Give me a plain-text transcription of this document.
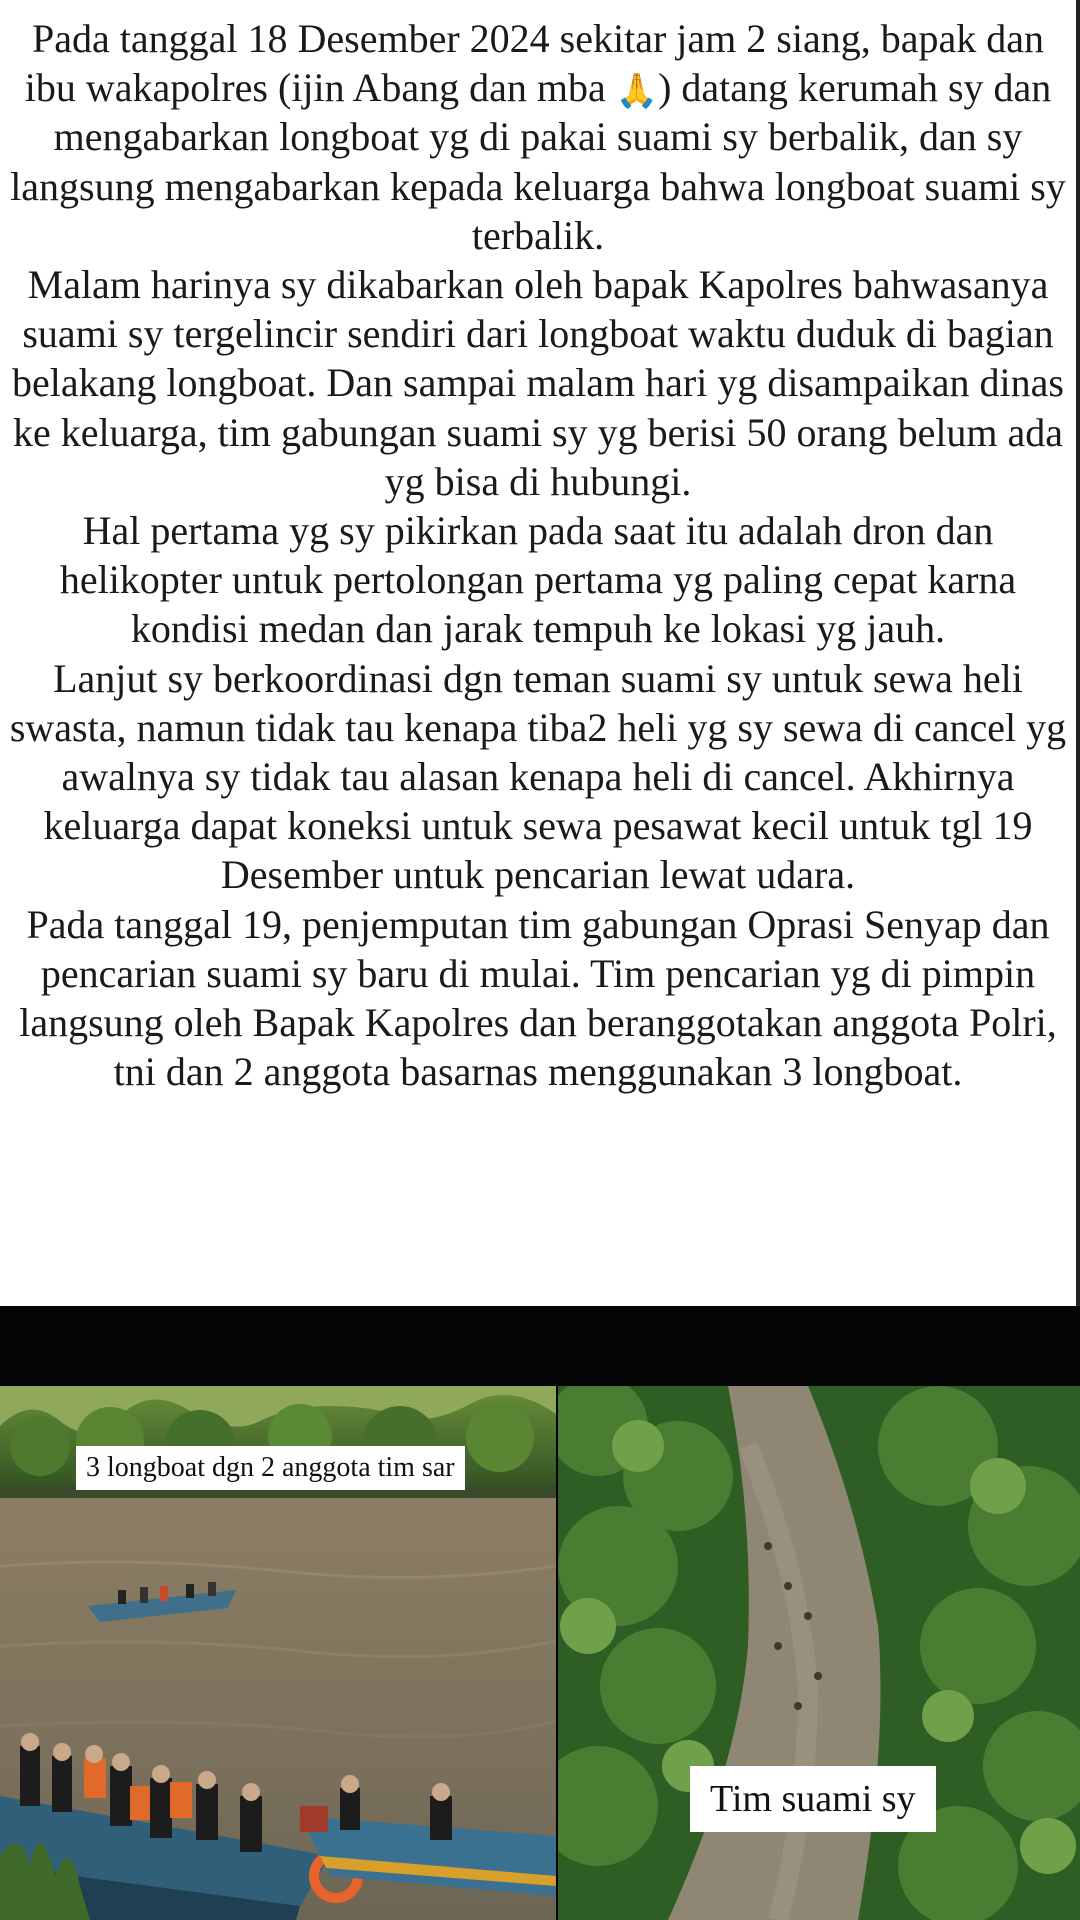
Pada tanggal 18 Desember 2024 sekitar jam 2 siang, bapak dan ibu wakapolres (ijin Abang dan mba 🙏) datang kerumah sy dan mengabarkan longboat yg di pakai suami sy berbalik, dan sy langsung mengabarkan kepada keluarga bahwa longboat suami sy terbalik.
Malam harinya sy dikabarkan oleh bapak Kapolres bahwasanya suami sy tergelincir sendiri dari longboat waktu duduk di bagian belakang longboat. Dan sampai malam hari yg disampaikan dinas ke keluarga, tim gabungan suami sy yg berisi 50 orang belum ada yg bisa di hubungi.
Hal pertama yg sy pikirkan pada saat itu adalah dron dan helikopter untuk pertolongan pertama yg paling cepat karna kondisi medan dan jarak tempuh ke lokasi yg jauh.
Lanjut sy berkoordinasi dgn teman suami sy untuk sewa heli swasta, namun tidak tau kenapa tiba2 heli yg sy sewa di cancel yg awalnya sy tidak tau alasan kenapa heli di cancel. Akhirnya keluarga dapat koneksi untuk sewa pesawat kecil untuk tgl 19 Desember untuk pencarian lewat udara.
Pada tanggal 19, penjemputan tim gabungan Oprasi Senyap dan pencarian suami sy baru di mulai. Tim pencarian yg di pimpin langsung oleh Bapak Kapolres dan beranggotakan anggota Polri, tni dan 2 anggota basarnas menggunakan 3 longboat.
3 longboat dgn 2 anggota tim sar
Tim suami sy
